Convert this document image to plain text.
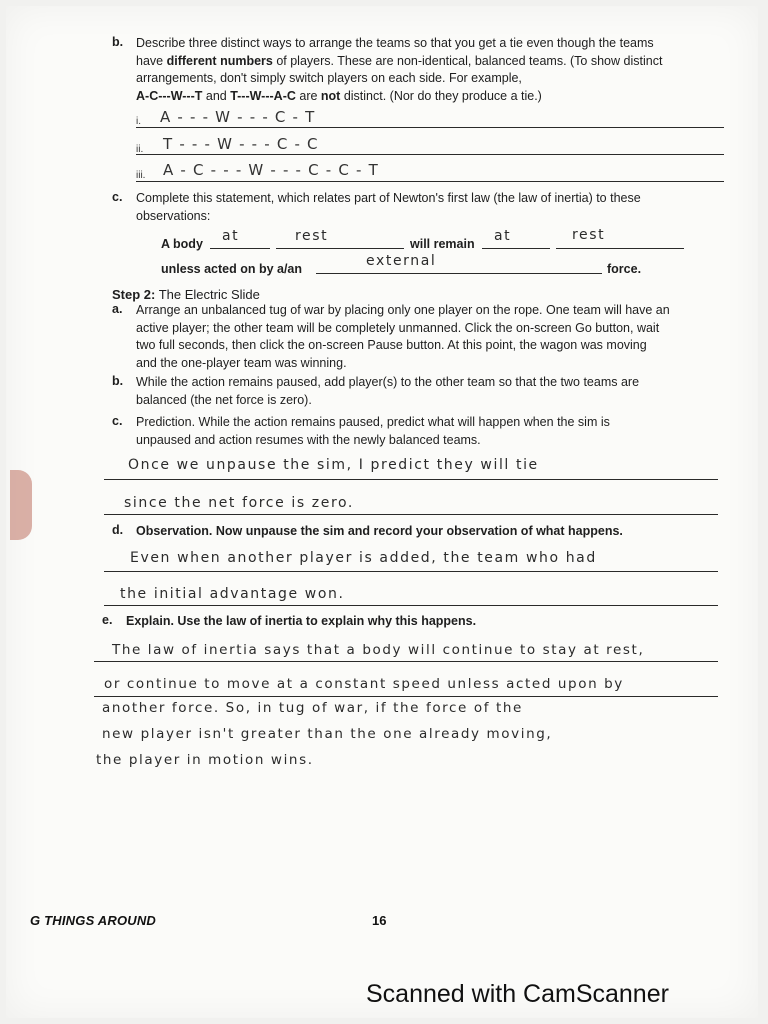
b. Describe three distinct ways to arrange the teams so that you get a tie even though the teams
have different numbers of players. These are non-identical, balanced teams. (To show distinct
arrangements, don't simply switch players on each side. For example,
A-C---W---T and T---W---A-C are not distinct. (Nor do they produce a tie.)
i. A - - - W - - - C - T
ii. T - - - W - - - C - C
iii. A - C - - - W - - - C - C - T
c. Complete this statement, which relates part of Newton's first law (the law of inertia) to these
observations:
A body at	rest	will remain at	rest
unless acted on by a/an	external	force.
Step 2: The Electric Slide
a. Arrange an unbalanced tug of war by placing only one player on the rope. One team will have an
active player; the other team will be completely unmanned. Click the on-screen Go button, wait
two full seconds, then click the on-screen Pause button. At this point, the wagon was moving
and the one-player team was winning.
b. While the action remains paused, add player(s) to the other team so that the two teams are
balanced (the net force is zero).
c. Prediction. While the action remains paused, predict what will happen when the sim is
unpaused and action resumes with the newly balanced teams.
Once we unpause the sim, I predict they will tie
since the net force is zero.
d. Observation. Now unpause the sim and record your observation of what happens.
Even when another player is added, the team who had
the initial advantage won.
e. Explain. Use the law of inertia to explain why this happens.
The law of inertia says that a body will continue to stay at rest,
or continue to move at a constant speed unless acted upon by
another force. So, in tug of war, if the force of the
new player isn't greater than the one already moving,
the player in motion wins.
G THINGS AROUND	16
Scanned with CamScanner
